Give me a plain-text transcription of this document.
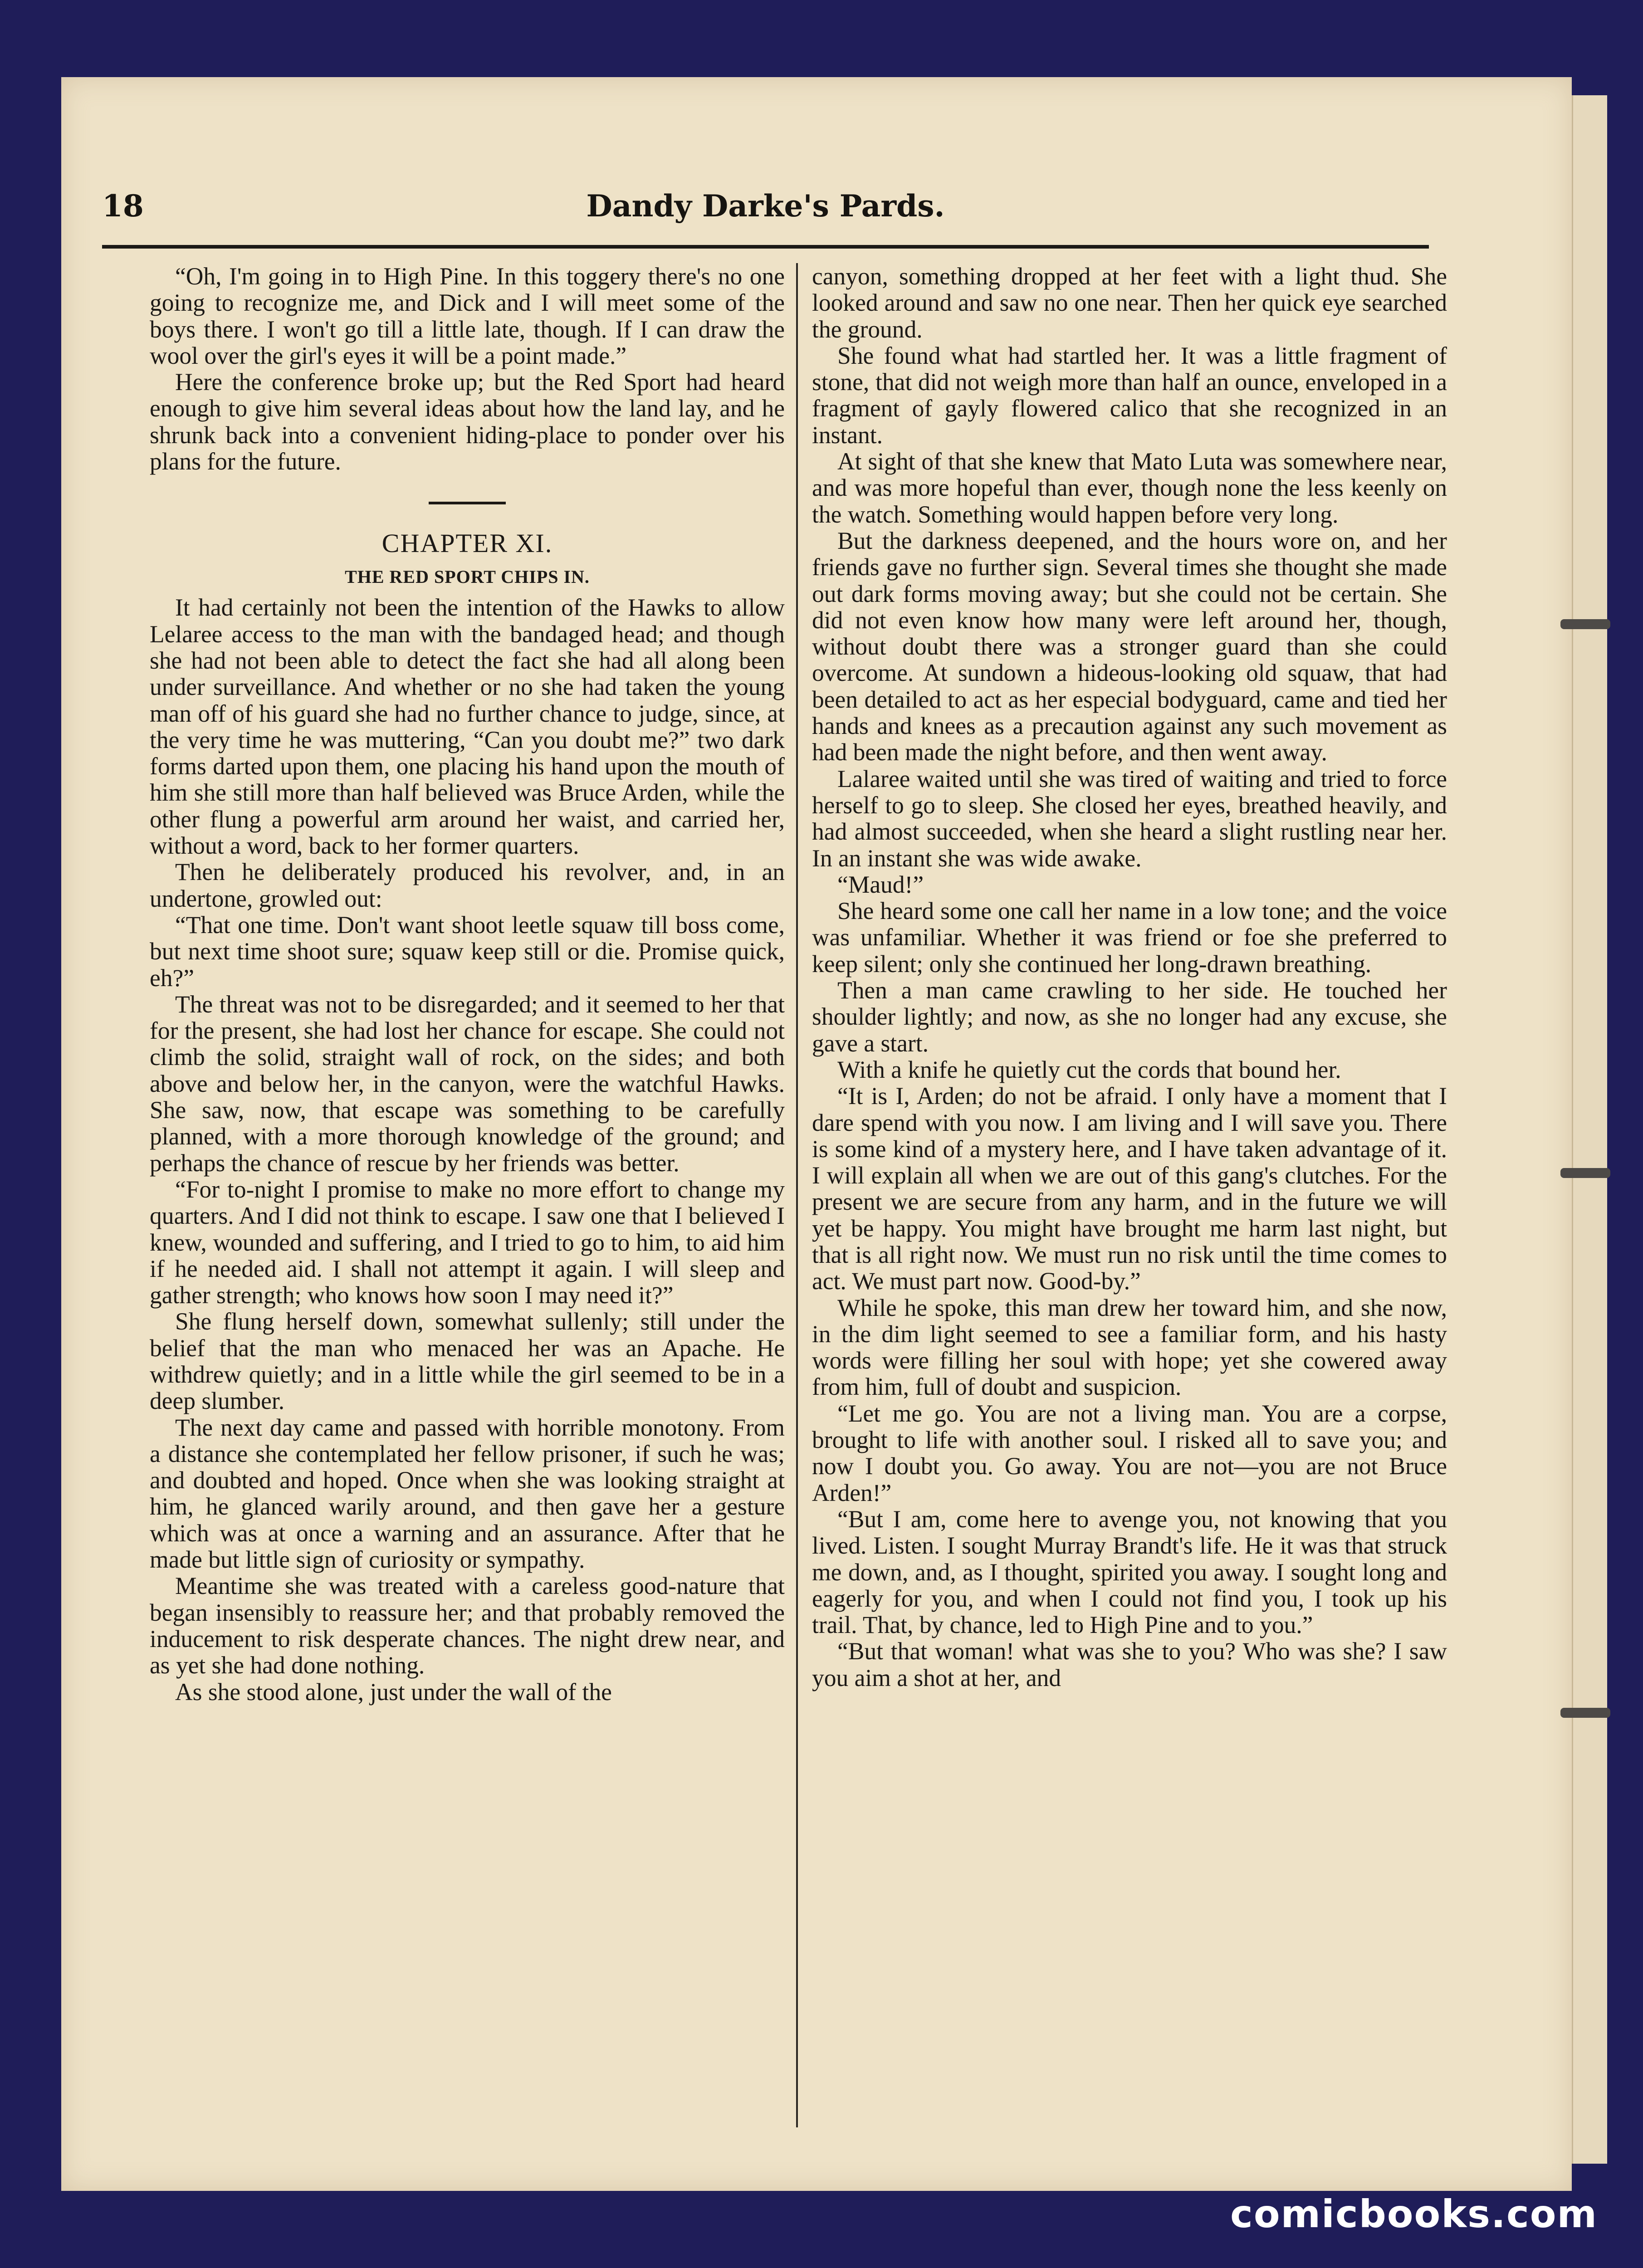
18	Dandy Darke's Pards.

“Oh, I'm going in to High Pine. In this toggery there's no one going to recognize me, and Dick and I will meet some of the boys there. I won't go till a little late, though. If I can draw the wool over the girl's eyes it will be a point made.”

Here the conference broke up; but the Red Sport had heard enough to give him several ideas about how the land lay, and he shrunk back into a convenient hiding-place to ponder over his plans for the future.

CHAPTER XI.

THE RED SPORT CHIPS IN.

It had certainly not been the intention of the Hawks to allow Lelaree access to the man with the bandaged head; and though she had not been able to detect the fact she had all along been under surveillance. And whether or no she had taken the young man off of his guard she had no further chance to judge, since, at the very time he was muttering, “Can you doubt me?” two dark forms darted upon them, one placing his hand upon the mouth of him she still more than half believed was Bruce Arden, while the other flung a powerful arm around her waist, and carried her, without a word, back to her former quarters.

Then he deliberately produced his revolver, and, in an undertone, growled out:

“That one time. Don't want shoot leetle squaw till boss come, but next time shoot sure; squaw keep still or die. Promise quick, eh?”

The threat was not to be disregarded; and it seemed to her that for the present, she had lost her chance for escape. She could not climb the solid, straight wall of rock, on the sides; and both above and below her, in the canyon, were the watchful Hawks. She saw, now, that escape was something to be carefully planned, with a more thorough knowledge of the ground; and perhaps the chance of rescue by her friends was better.

“For to-night I promise to make no more effort to change my quarters. And I did not think to escape. I saw one that I believed I knew, wounded and suffering, and I tried to go to him, to aid him if he needed aid. I shall not attempt it again. I will sleep and gather strength; who knows how soon I may need it?”

She flung herself down, somewhat sullenly; still under the belief that the man who menaced her was an Apache. He withdrew quietly; and in a little while the girl seemed to be in a deep slumber.

The next day came and passed with horrible monotony. From a distance she contemplated her fellow prisoner, if such he was; and doubted and hoped. Once when she was looking straight at him, he glanced warily around, and then gave her a gesture which was at once a warning and an assurance. After that he made but little sign of curiosity or sympathy.

Meantime she was treated with a careless good-nature that began insensibly to reassure her; and that probably removed the inducement to risk desperate chances. The night drew near, and as yet she had done nothing.

As she stood alone, just under the wall of the

canyon, something dropped at her feet with a light thud. She looked around and saw no one near. Then her quick eye searched the ground.

She found what had startled her. It was a little fragment of stone, that did not weigh more than half an ounce, enveloped in a fragment of gayly flowered calico that she recognized in an instant.

At sight of that she knew that Mato Luta was somewhere near, and was more hopeful than ever, though none the less keenly on the watch. Something would happen before very long.

But the darkness deepened, and the hours wore on, and her friends gave no further sign. Several times she thought she made out dark forms moving away; but she could not be certain. She did not even know how many were left around her, though, without doubt there was a stronger guard than she could overcome. At sundown a hideous-looking old squaw, that had been detailed to act as her especial bodyguard, came and tied her hands and knees as a precaution against any such movement as had been made the night before, and then went away.

Lalaree waited until she was tired of waiting and tried to force herself to go to sleep. She closed her eyes, breathed heavily, and had almost succeeded, when she heard a slight rustling near her. In an instant she was wide awake.

“Maud!”

She heard some one call her name in a low tone; and the voice was unfamiliar. Whether it was friend or foe she preferred to keep silent; only she continued her long-drawn breathing.

Then a man came crawling to her side. He touched her shoulder lightly; and now, as she no longer had any excuse, she gave a start.

With a knife he quietly cut the cords that bound her.

“It is I, Arden; do not be afraid. I only have a moment that I dare spend with you now. I am living and I will save you. There is some kind of a mystery here, and I have taken advantage of it. I will explain all when we are out of this gang's clutches. For the present we are secure from any harm, and in the future we will yet be happy. You might have brought me harm last night, but that is all right now. We must run no risk until the time comes to act. We must part now. Good-by.”

While he spoke, this man drew her toward him, and she now, in the dim light seemed to see a familiar form, and his hasty words were filling her soul with hope; yet she cowered away from him, full of doubt and suspicion.

“Let me go. You are not a living man. You are a corpse, brought to life with another soul. I risked all to save you; and now I doubt you. Go away. You are not—you are not Bruce Arden!”

“But I am, come here to avenge you, not knowing that you lived. Listen. I sought Murray Brandt's life. He it was that struck me down, and, as I thought, spirited you away. I sought long and eagerly for you, and when I could not find you, I took up his trail. That, by chance, led to High Pine and to you.”

“But that woman! what was she to you? Who was she? I saw you aim a shot at her, and

comicbooks.com
